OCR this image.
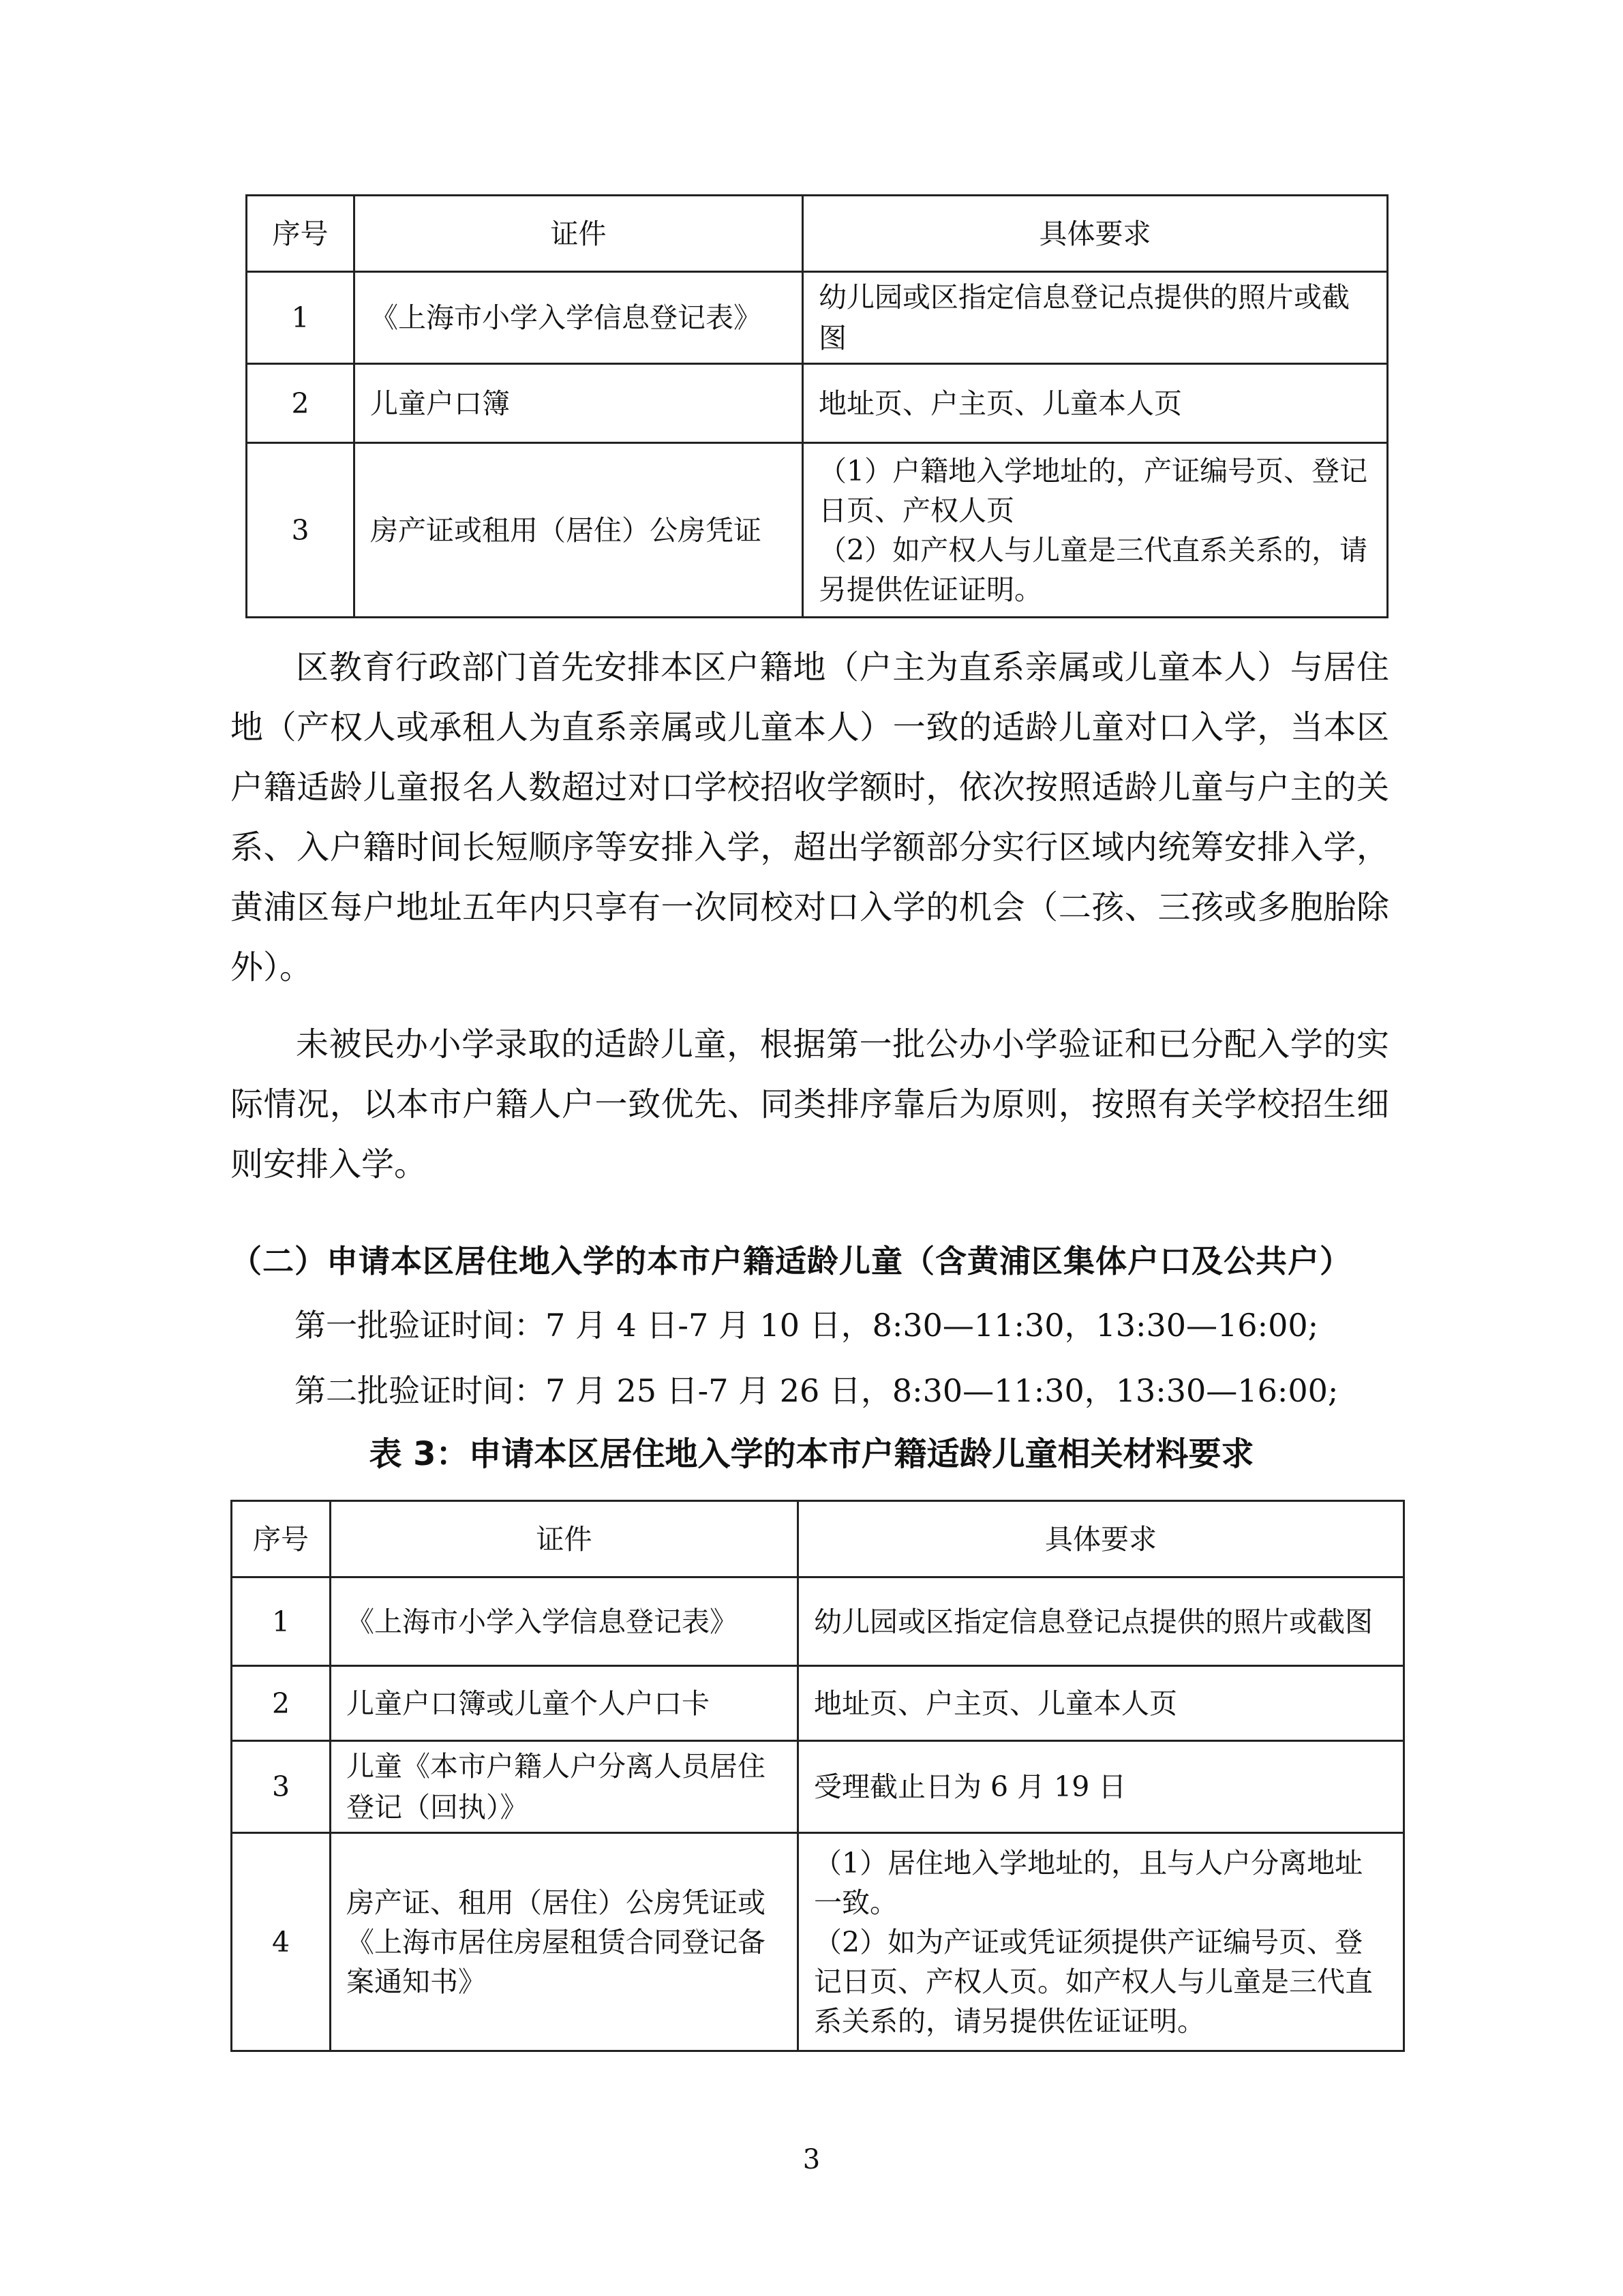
序号	证件	具体要求
1	《上海市小学入学信息登记表》	幼儿园或区指定信息登记点提供的照片或截图
2	儿童户口簿	地址页、户主页、儿童本人页
3	房产证或租用（居住）公房凭证	（1）户籍地入学地址的，产证编号页、登记日页、产权人页
（2）如产权人与儿童是三代直系关系的，请另提供佐证证明。

区教育行政部门首先安排本区户籍地（户主为直系亲属或儿童本人）与居住地（产权人或承租人为直系亲属或儿童本人）一致的适龄儿童对口入学，当本区户籍适龄儿童报名人数超过对口学校招收学额时，依次按照适龄儿童与户主的关系、入户籍时间长短顺序等安排入学，超出学额部分实行区域内统筹安排入学，黄浦区每户地址五年内只享有一次同校对口入学的机会（二孩、三孩或多胞胎除外）。

未被民办小学录取的适龄儿童，根据第一批公办小学验证和已分配入学的实际情况，以本市户籍人户一致优先、同类排序靠后为原则，按照有关学校招生细则安排入学。

（二）申请本区居住地入学的本市户籍适龄儿童（含黄浦区集体户口及公共户）

第一批验证时间：7 月 4 日-7 月 10 日，8:30—11:30，13:30—16:00;

第二批验证时间：7 月 25 日-7 月 26 日，8:30—11:30，13:30—16:00;

表 3：申请本区居住地入学的本市户籍适龄儿童相关材料要求

序号	证件	具体要求
1	《上海市小学入学信息登记表》	幼儿园或区指定信息登记点提供的照片或截图
2	儿童户口簿或儿童个人户口卡	地址页、户主页、儿童本人页
3	儿童《本市户籍人户分离人员居住登记（回执）》	受理截止日为 6 月 19 日
4	房产证、租用（居住）公房凭证或《上海市居住房屋租赁合同登记备案通知书》	（1）居住地入学地址的，且与人户分离地址一致。
（2）如为产证或凭证须提供产证编号页、登记日页、产权人页。如产权人与儿童是三代直系关系的，请另提供佐证证明。
3
